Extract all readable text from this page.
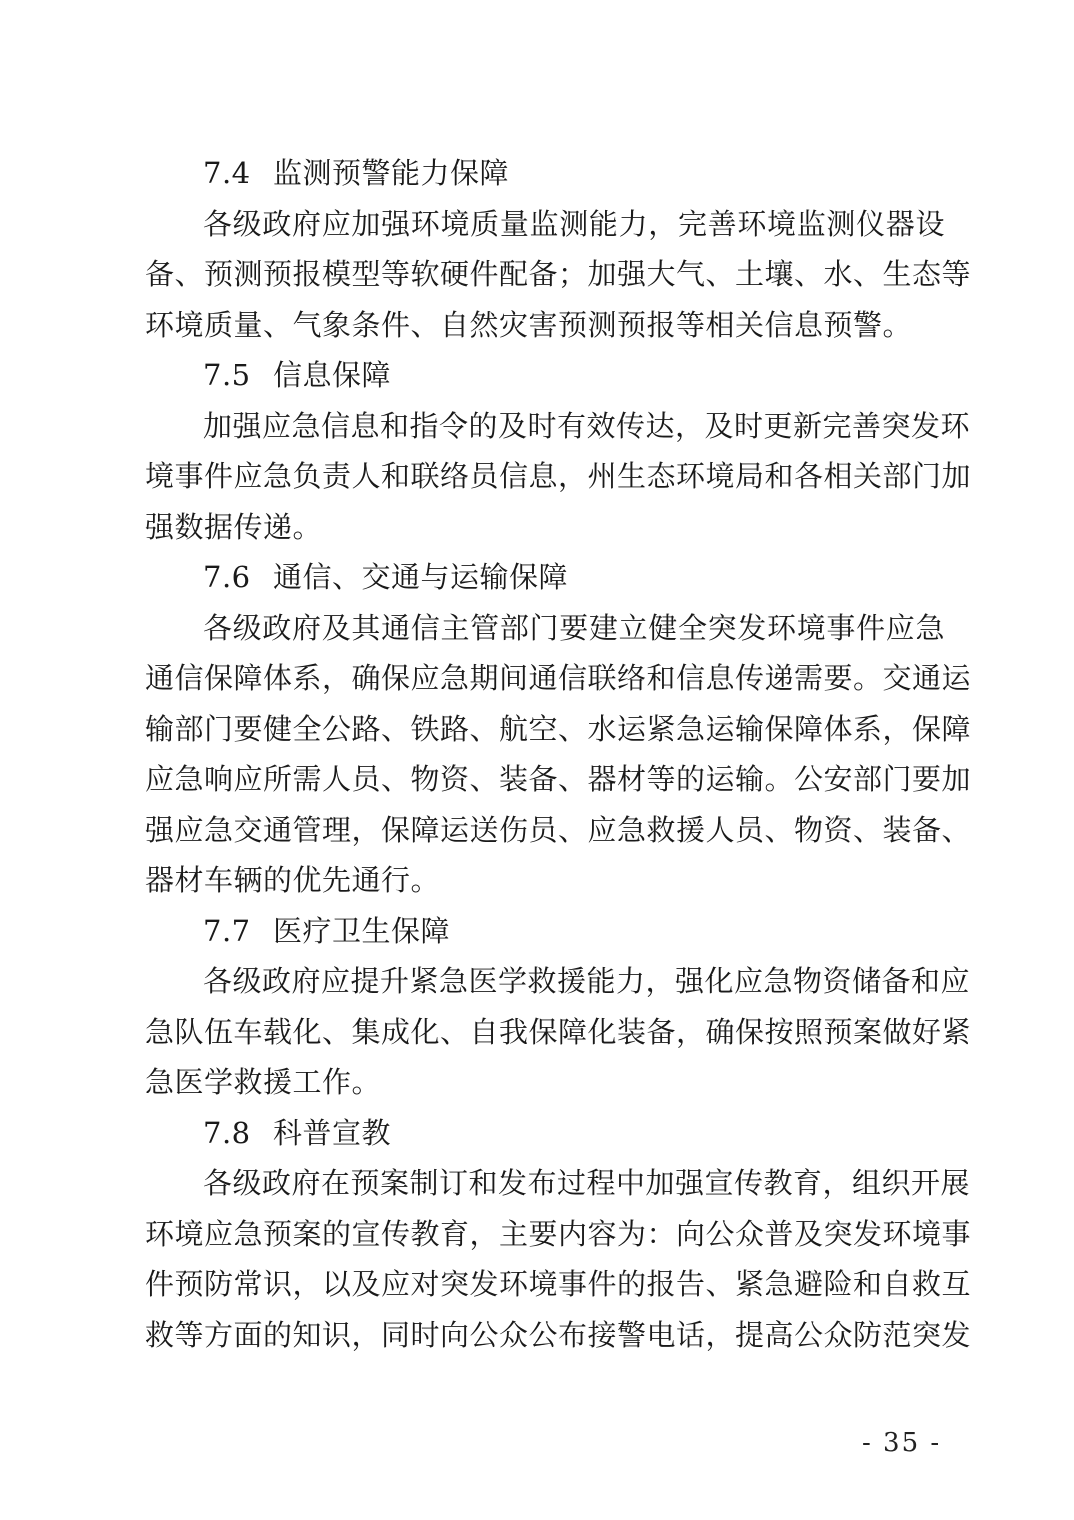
7.4 监测预警能力保障
各级政府应加强环境质量监测能力，完善环境监测仪器设
备、预测预报模型等软硬件配备；加强大气、土壤、水、生态等
环境质量、气象条件、自然灾害预测预报等相关信息预警。
7.5 信息保障
加强应急信息和指令的及时有效传达，及时更新完善突发环
境事件应急负责人和联络员信息，州生态环境局和各相关部门加
强数据传递。
7.6 通信、交通与运输保障
各级政府及其通信主管部门要建立健全突发环境事件应急
通信保障体系，确保应急期间通信联络和信息传递需要。交通运
输部门要健全公路、铁路、航空、水运紧急运输保障体系，保障
应急响应所需人员、物资、装备、器材等的运输。公安部门要加
强应急交通管理，保障运送伤员、应急救援人员、物资、装备、
器材车辆的优先通行。
7.7 医疗卫生保障
各级政府应提升紧急医学救援能力，强化应急物资储备和应
急队伍车载化、集成化、自我保障化装备，确保按照预案做好紧
急医学救援工作。
7.8 科普宣教
各级政府在预案制订和发布过程中加强宣传教育，组织开展
环境应急预案的宣传教育，主要内容为：向公众普及突发环境事
件预防常识，以及应对突发环境事件的报告、紧急避险和自救互
救等方面的知识，同时向公众公布接警电话，提高公众防范突发
- 35 -
